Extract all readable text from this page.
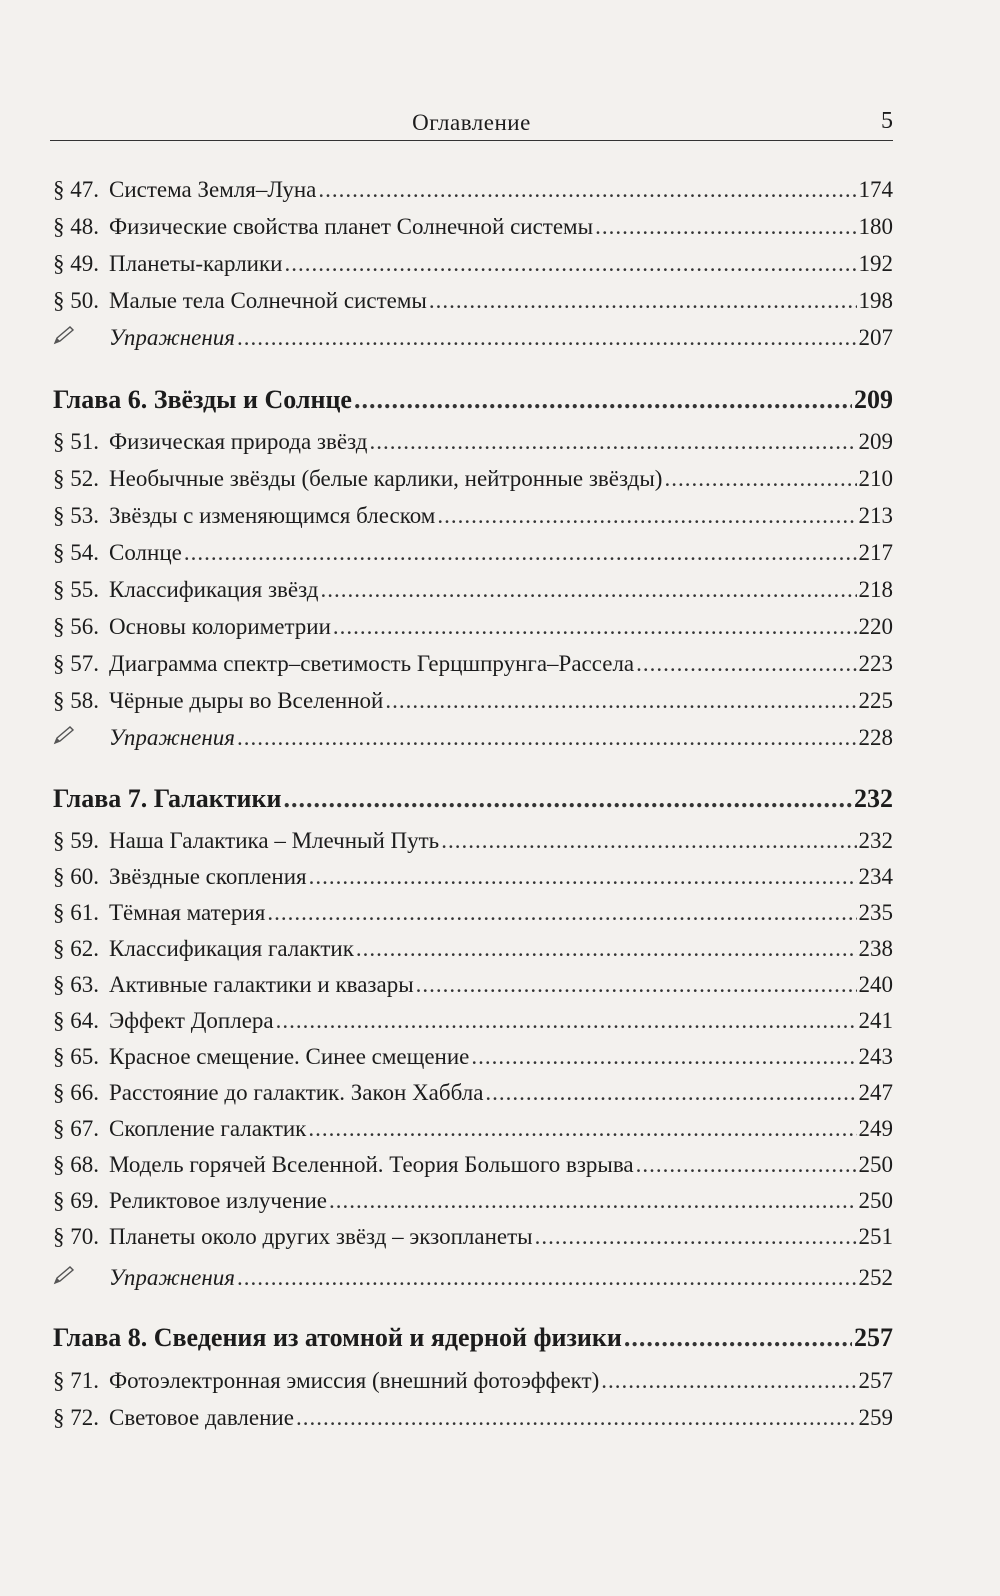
Оглавление	5
§ 47. Система Земля–Луна .....	174
§ 48. Физические свойства планет Солнечной системы .....	180
§ 49. Планеты-карлики .....	192
§ 50. Малые тела Солнечной системы .....	198
Упражнения .....	207
Глава 6. Звёзды и Солнце .....	209
§ 51. Физическая природа звёзд .....	209
§ 52. Необычные звёзды (белые карлики, нейтронные звёзды) .....	210
§ 53. Звёзды с изменяющимся блеском .....	213
§ 54. Солнце .....	217
§ 55. Классификация звёзд .....	218
§ 56. Основы колориметрии .....	220
§ 57. Диаграмма спектр–светимость Герцшпрунга–Рассела .....	223
§ 58. Чёрные дыры во Вселенной .....	225
Упражнения .....	228
Глава 7. Галактики .....	232
§ 59. Наша Галактика – Млечный Путь .....	232
§ 60. Звёздные скопления .....	234
§ 61. Тёмная материя .....	235
§ 62. Классификация галактик .....	238
§ 63. Активные галактики и квазары .....	240
§ 64. Эффект Доплера .....	241
§ 65. Красное смещение. Синее смещение .....	243
§ 66. Расстояние до галактик. Закон Хаббла .....	247
§ 67. Скопление галактик .....	249
§ 68. Модель горячей Вселенной. Теория Большого взрыва .....	250
§ 69. Реликтовое излучение .....	250
§ 70. Планеты около других звёзд – экзопланеты .....	251
Упражнения .....	252
Глава 8. Сведения из атомной и ядерной физики .....	257
§ 71. Фотоэлектронная эмиссия (внешний фотоэффект) .....	257
§ 72. Световое давление .....	259
